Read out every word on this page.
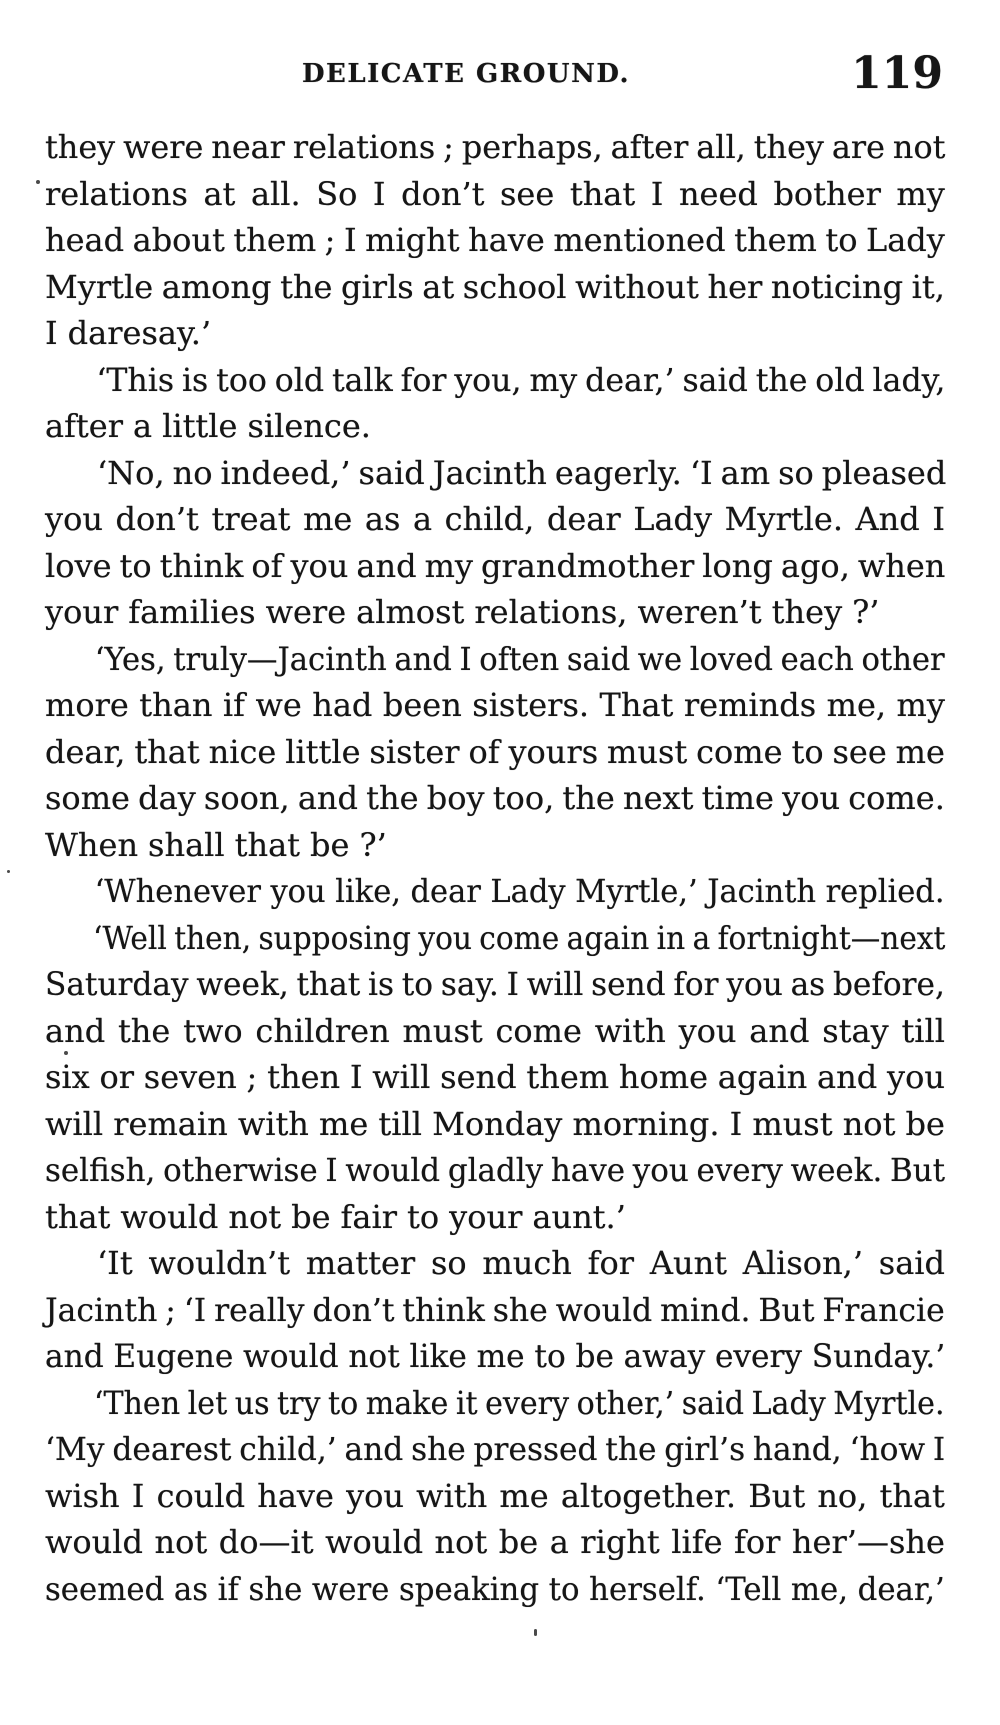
DELICATE GROUND.	119
they were near relations ; perhaps, after all, they are not
relations at all. So I don’t see that I need bother my
head about them ; I might have mentioned them to Lady
Myrtle among the girls at school without her noticing it,
I daresay.’
‘This is too old talk for you, my dear,’ said the old lady,
after a little silence.
‘No, no indeed,’ said Jacinth eagerly. ‘I am so pleased
you don’t treat me as a child, dear Lady Myrtle. And I
love to think of you and my grandmother long ago, when
your families were almost relations, weren’t they ?’
‘Yes, truly—Jacinth and I often said we loved each other
more than if we had been sisters. That reminds me, my
dear, that nice little sister of yours must come to see me
some day soon, and the boy too, the next time you come.
When shall that be ?’
‘Whenever you like, dear Lady Myrtle,’ Jacinth replied.
‘Well then, supposing you come again in a fortnight—next
Saturday week, that is to say. I will send for you as before,
and the two children must come with you and stay till
six or seven ; then I will send them home again and you
will remain with me till Monday morning. I must not be
selfish, otherwise I would gladly have you every week. But
that would not be fair to your aunt.’
‘It wouldn’t matter so much for Aunt Alison,’ said
Jacinth ; ‘I really don’t think she would mind. But Francie
and Eugene would not like me to be away every Sunday.’
‘Then let us try to make it every other,’ said Lady Myrtle.
‘My dearest child,’ and she pressed the girl’s hand, ‘how I
wish I could have you with me altogether. But no, that
would not do—it would not be a right life for her’—she
seemed as if she were speaking to herself. ‘Tell me, dear,’
